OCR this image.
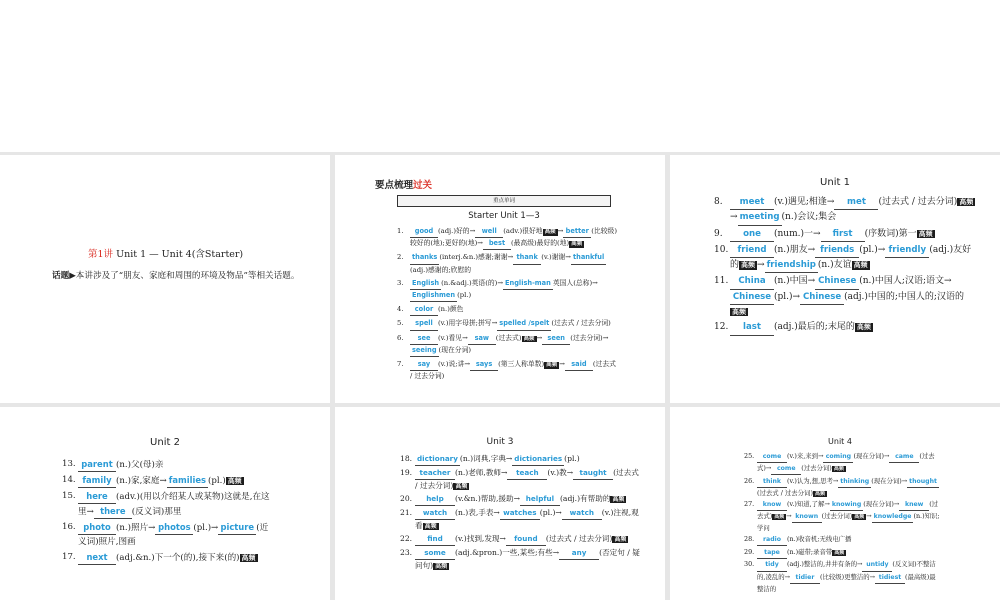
第1讲 Unit 1 — Unit 4(含Starter)
话题▶本讲涉及了“朋友、家庭和周围的环境及物品”等相关话题。
要点梳理过关
重点单词
Starter Unit 1—3
1.	good (adj.)好的→ well (adv.)很好地 高频 → better (比较级)较好的(地);更好的(地)→ best (最高级)最好的(地) 高频
2.	thanks (interj.&n.)感谢;谢谢→ thank (v.)谢谢→ thankful(adj.)感谢的;欣慰的
3.	English (n.&adj.)英语(的)→ English-man 英国人(总称)→Englishmen (pl.)
4.	color (n.)颜色
5.	spell (v.)用字母拼;拼写→ spelled /spelt (过去式 / 过去分词)
6.	see (v.)看见→ saw (过去式) 高频 → seen (过去分词)→seeing (现在分词)
7.	say (v.)说;讲→ says (第三人称单数) 高频 → said (过去式 / 过去分词)
Unit 1
8.	meet (v.)遇见;相逢→ met (过去式 / 过去分词) 高频→ meeting (n.)会议;集会
9.	one (num.)一→ first (序数词)第一 高频
10.	friend (n.)朋友→ friends (pl.)→ friendly (adj.)友好的 高频 → friendship (n.)友谊 高频
11.	China (n.)中国→ Chinese (n.)中国人;汉语;语文→Chinese (pl.)→ Chinese (adj.)中国的;中国人的;汉语的高频
12.	last (adj.)最后的;末尾的 高频
Unit 2
13. parent (n.)父(母)亲
14. family (n.)家,家庭→ families (pl.) 高频
15.	here (adv.)(用以介绍某人或某物)这就是,在这里→ there (反义词)那里
16. photo (n.)照片→ photos (pl.)→ picture (近义词)照片,图画
17.	next (adj.&n.)下一个(的),接下来(的) 高频
Unit 3
18. dictionary (n.)词典,字典→ dictionaries (pl.)
19.	teacher (n.)老师,教师→ teach (v.)教→ taught (过去式 / 过去分词) 高频
20.	help (v.&n.)帮助,援助→ helpful (adj.)有帮助的 高频
21.	watch (n.)表,手表→ watches (pl.)→ watch (v.)注视,观看 高频
22.	find (v.)找到,发现→ found (过去式 / 过去分词) 高频
23.	some (adj.&pron.)一些,某些;有些→ any (否定句 / 疑问句) 高频
Unit 4
25.	come (v.)来,来到→ coming (现在分词)→ came (过去式)→ come (过去分词) 高频
26.	think (v.)认为,想,思考→ thinking (现在分词)→ thought(过去式 / 过去分词) 高频
27.	know (v.)知道,了解→ knowing (现在分词)→ knew (过去式) 高频 → known (过去分词) 高频 → knowledge (n.)知识;学问
28.	radio (n.)收音机;无线电广播
29.	tape (n.)磁带;录音带 高频
30.	tidy (adj.)整洁的,井井有条的→ untidy (反义词)不整洁的,凌乱的→ tidier (比较级)更整洁的→ tidiest (最高级)最整洁的
